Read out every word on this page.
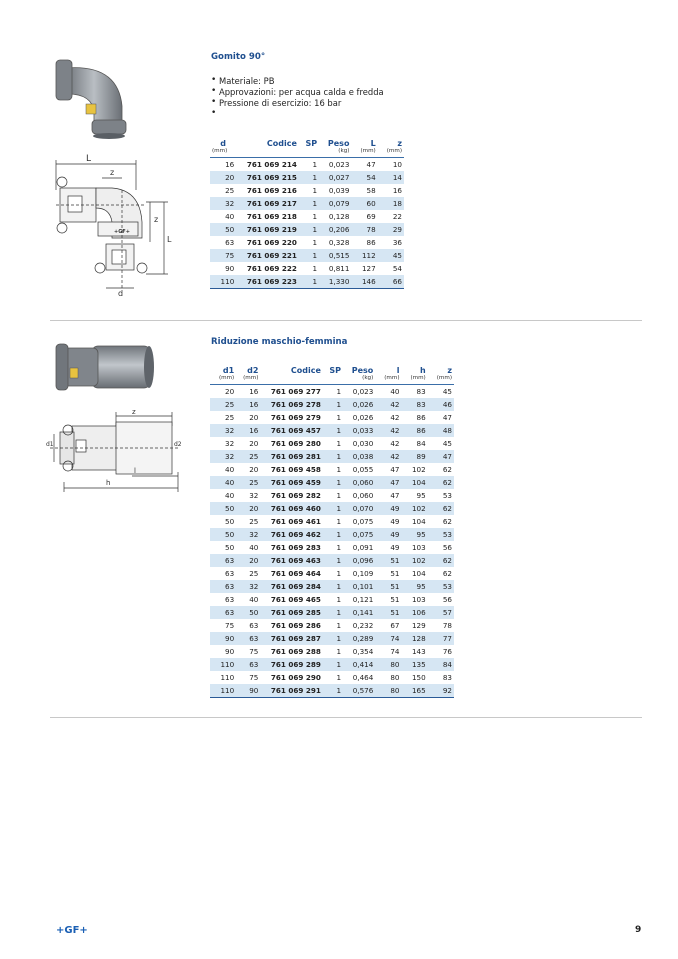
L
z
z
L
d
+GF+
Gomito 90°
• Materiale: PB
• Approvazioni: per acqua calda e fredda
• Pressione di esercizio: 16 bar
•
d	Codice	SP	Peso	L	z
(mm)			(kg)	(mm)	(mm)
16	761 069 214	1	0,023	47	10
20	761 069 215	1	0,027	54	14
25	761 069 216	1	0,039	58	16
32	761 069 217	1	0,079	60	18
40	761 069 218	1	0,128	69	22
50	761 069 219	1	0,206	78	29
63	761 069 220	1	0,328	86	36
75	761 069 221	1	0,515	112	45
90	761 069 222	1	0,811	127	54
110	761 069 223	1	1,330	146	66
z
l
h
d1	d2
Riduzione maschio-femmina
d1	d2	Codice	SP	Peso	l	h	z
(mm)	(mm)			(kg)	(mm)	(mm)	(mm)
20	16	761 069 277	1	0,023	40	83	45
25	16	761 069 278	1	0,026	42	83	46
25	20	761 069 279	1	0,026	42	86	47
32	16	761 069 457	1	0,033	42	86	48
32	20	761 069 280	1	0,030	42	84	45
32	25	761 069 281	1	0,038	42	89	47
40	20	761 069 458	1	0,055	47	102	62
40	25	761 069 459	1	0,060	47	104	62
40	32	761 069 282	1	0,060	47	95	53
50	20	761 069 460	1	0,070	49	102	62
50	25	761 069 461	1	0,075	49	104	62
50	32	761 069 462	1	0,075	49	95	53
50	40	761 069 283	1	0,091	49	103	56
63	20	761 069 463	1	0,096	51	102	62
63	25	761 069 464	1	0,109	51	104	62
63	32	761 069 284	1	0,101	51	95	53
63	40	761 069 465	1	0,121	51	103	56
63	50	761 069 285	1	0,141	51	106	57
75	63	761 069 286	1	0,232	67	129	78
90	63	761 069 287	1	0,289	74	128	77
90	75	761 069 288	1	0,354	74	143	76
110	63	761 069 289	1	0,414	80	135	84
110	75	761 069 290	1	0,464	80	150	83
110	90	761 069 291	1	0,576	80	165	92
+GF+	9
